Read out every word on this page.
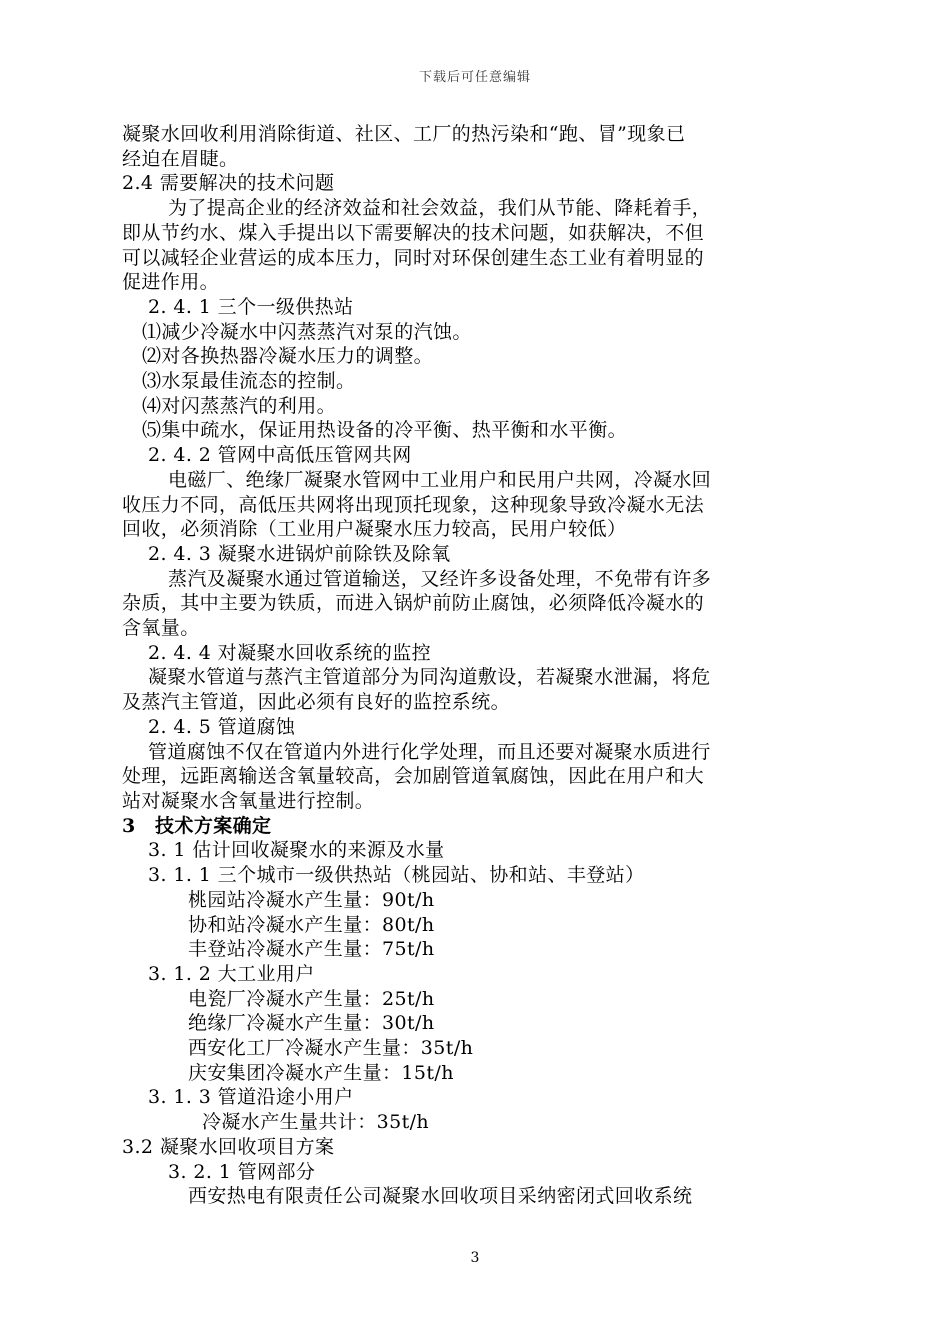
下载后可任意编辑

凝聚水回收利用消除街道、社区、工厂的热污染和“跑、冒”现象已

经迫在眉睫。

2.4 需要解决的技术问题

为了提高企业的经济效益和社会效益，我们从节能、降耗着手，

即从节约水、煤入手提出以下需要解决的技术问题，如获解决，不但

可以减轻企业营运的成本压力，同时对环保创建生态工业有着明显的

促进作用。

2. 4. 1 三个一级供热站

⑴减少冷凝水中闪蒸蒸汽对泵的汽蚀。

⑵对各换热器冷凝水压力的调整。

⑶水泵最佳流态的控制。

⑷对闪蒸蒸汽的利用。

⑸集中疏水，保证用热设备的冷平衡、热平衡和水平衡。

2. 4. 2 管网中高低压管网共网

电磁厂、绝缘厂凝聚水管网中工业用户和民用户共网，冷凝水回

收压力不同，高低压共网将出现顶托现象，这种现象导致冷凝水无法

回收，必须消除（工业用户凝聚水压力较高，民用户较低）

2. 4. 3 凝聚水进锅炉前除铁及除氧

蒸汽及凝聚水通过管道输送，又经许多设备处理，不免带有许多

杂质，其中主要为铁质，而进入锅炉前防止腐蚀，必须降低冷凝水的

含氧量。

2. 4. 4 对凝聚水回收系统的监控

凝聚水管道与蒸汽主管道部分为同沟道敷设，若凝聚水泄漏，将危

及蒸汽主管道，因此必须有良好的监控系统。

2. 4. 5 管道腐蚀

管道腐蚀不仅在管道内外进行化学处理，而且还要对凝聚水质进行

处理，远距离输送含氧量较高，会加剧管道氧腐蚀，因此在用户和大

站对凝聚水含氧量进行控制。

3　技术方案确定

3. 1 估计回收凝聚水的来源及水量

3. 1. 1 三个城市一级供热站（桃园站、协和站、丰登站）

桃园站冷凝水产生量：90t/h

协和站冷凝水产生量：80t/h

丰登站冷凝水产生量：75t/h

3. 1. 2 大工业用户

电瓷厂冷凝水产生量：25t/h

绝缘厂冷凝水产生量：30t/h

西安化工厂冷凝水产生量：35t/h

庆安集团冷凝水产生量：15t/h

3. 1. 3 管道沿途小用户

冷凝水产生量共计：35t/h

3.2 凝聚水回收项目方案

3. 2. 1 管网部分

西安热电有限责任公司凝聚水回收项目采纳密闭式回收系统

3
